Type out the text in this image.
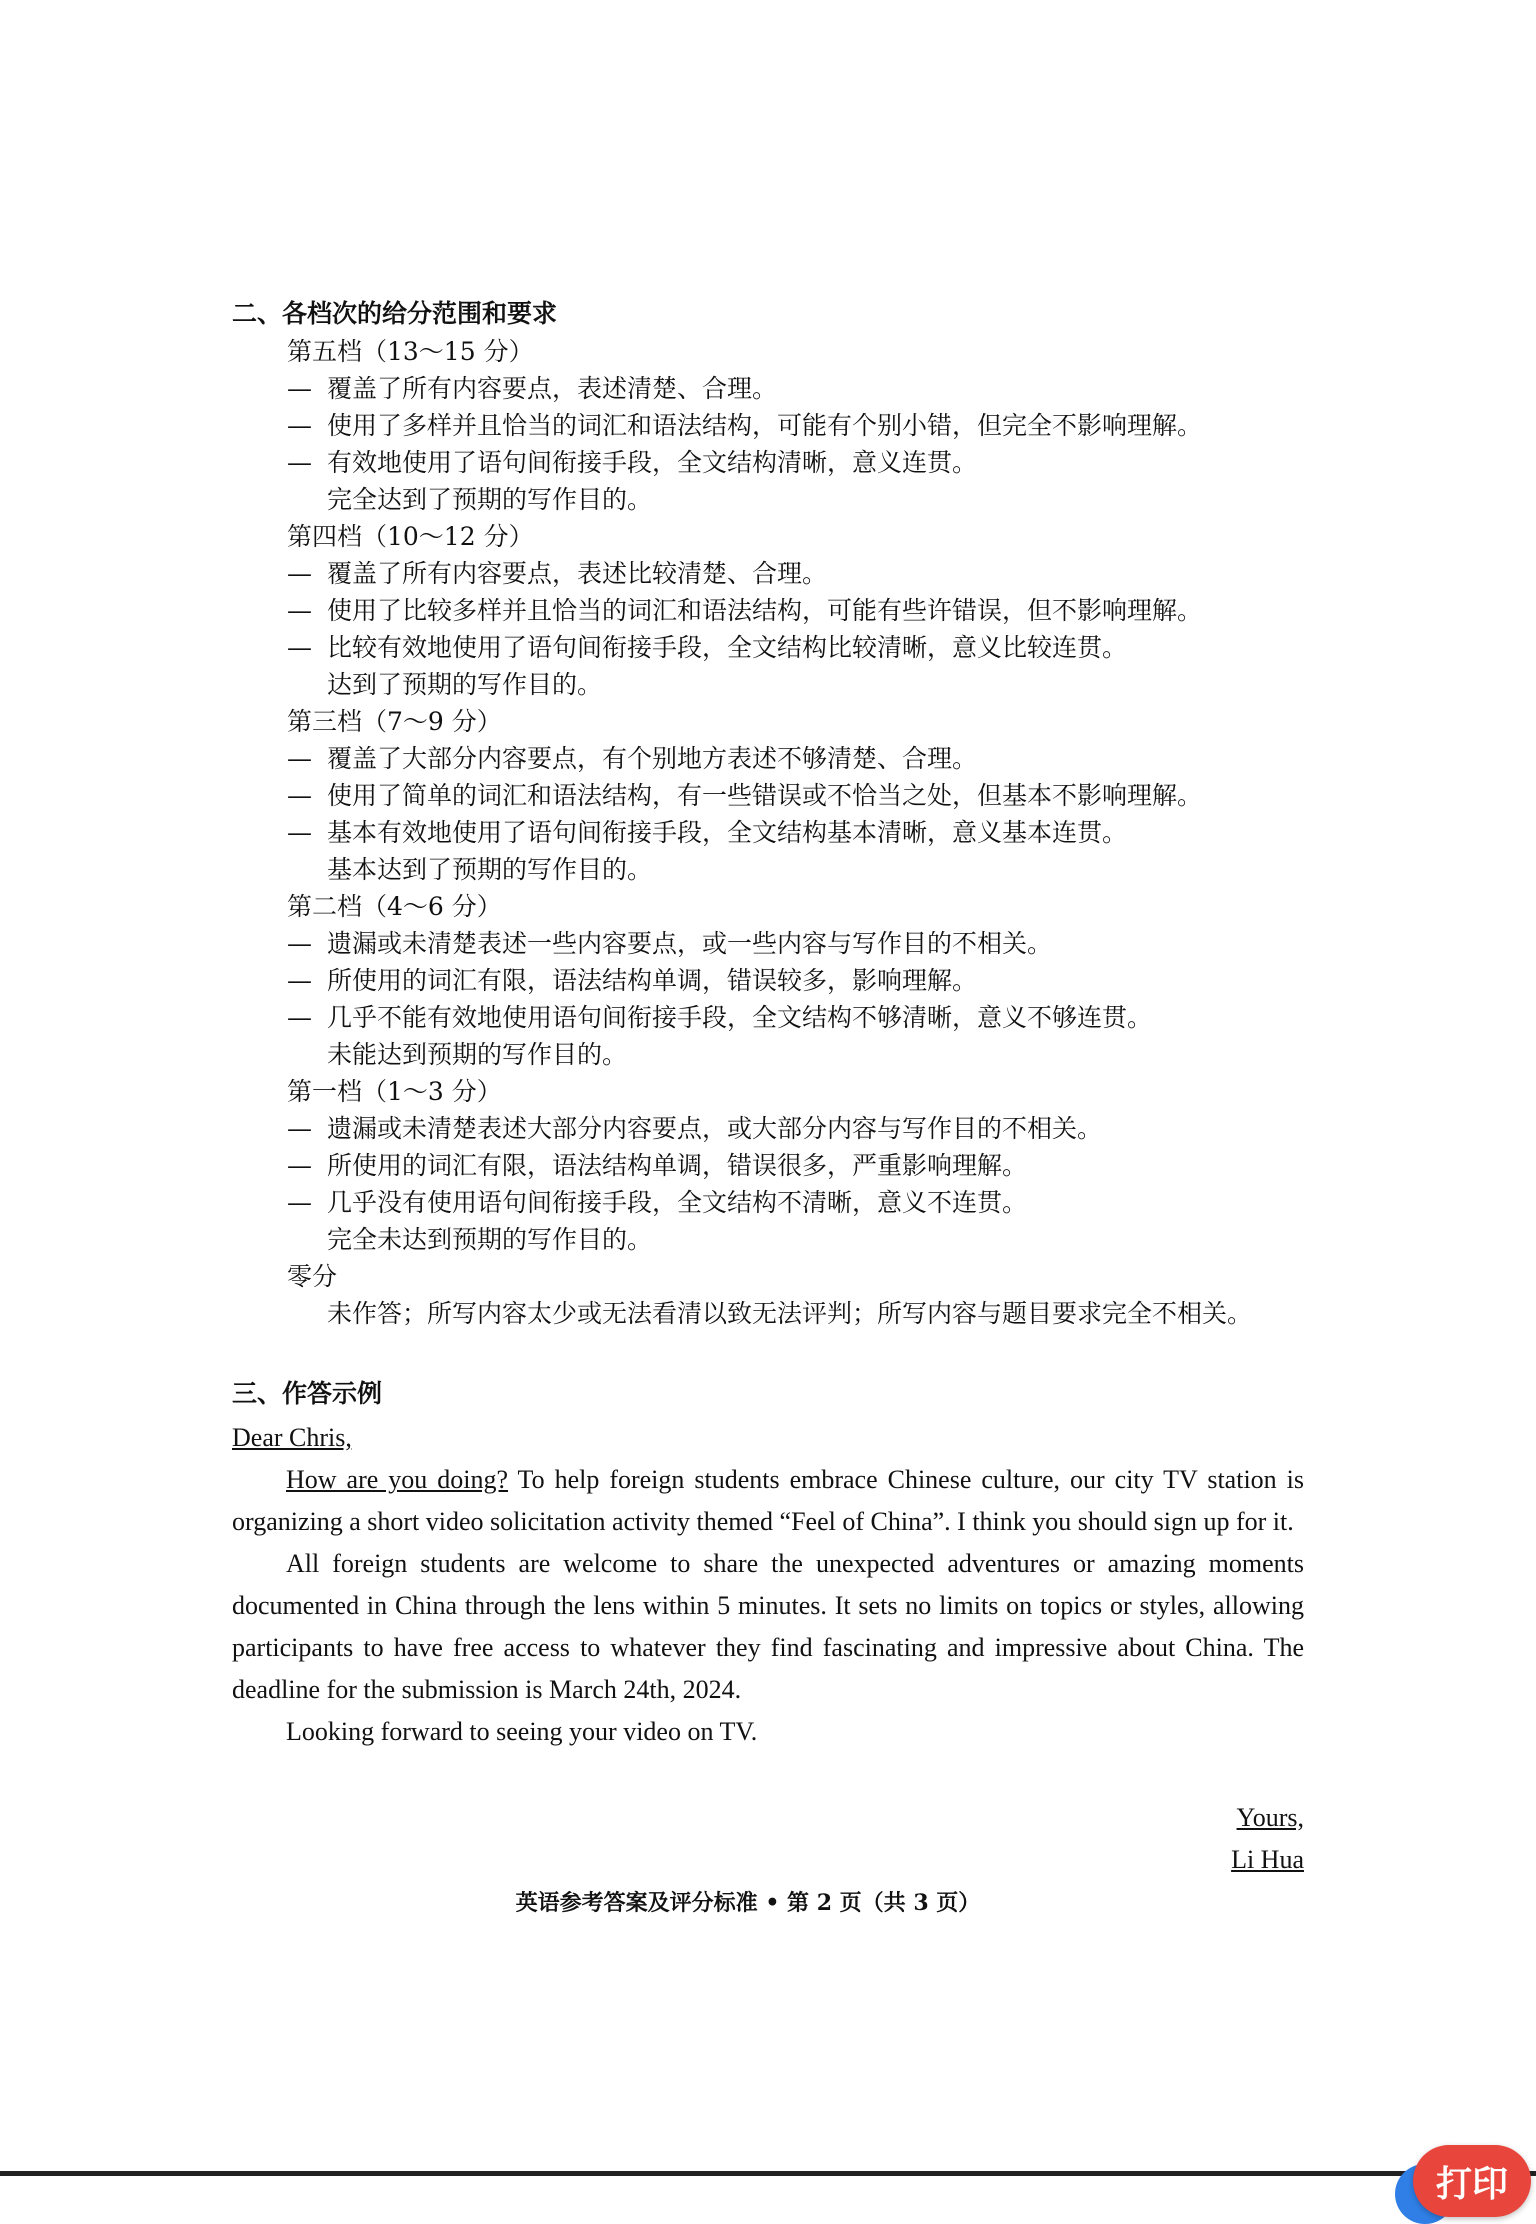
二、各档次的给分范围和要求
第五档（13～15 分）
— 覆盖了所有内容要点，表述清楚、合理。
— 使用了多样并且恰当的词汇和语法结构，可能有个别小错，但完全不影响理解。
— 有效地使用了语句间衔接手段，全文结构清晰，意义连贯。
完全达到了预期的写作目的。
第四档（10～12 分）
— 覆盖了所有内容要点，表述比较清楚、合理。
— 使用了比较多样并且恰当的词汇和语法结构，可能有些许错误，但不影响理解。
— 比较有效地使用了语句间衔接手段，全文结构比较清晰，意义比较连贯。
达到了预期的写作目的。
第三档（7～9 分）
— 覆盖了大部分内容要点，有个别地方表述不够清楚、合理。
— 使用了简单的词汇和语法结构，有一些错误或不恰当之处，但基本不影响理解。
— 基本有效地使用了语句间衔接手段，全文结构基本清晰，意义基本连贯。
基本达到了预期的写作目的。
第二档（4～6 分）
— 遗漏或未清楚表述一些内容要点，或一些内容与写作目的不相关。
— 所使用的词汇有限，语法结构单调，错误较多，影响理解。
— 几乎不能有效地使用语句间衔接手段，全文结构不够清晰，意义不够连贯。
未能达到预期的写作目的。
第一档（1～3 分）
— 遗漏或未清楚表述大部分内容要点，或大部分内容与写作目的不相关。
— 所使用的词汇有限，语法结构单调，错误很多，严重影响理解。
— 几乎没有使用语句间衔接手段，全文结构不清晰，意义不连贯。
完全未达到预期的写作目的。
零分
未作答；所写内容太少或无法看清以致无法评判；所写内容与题目要求完全不相关。
三、作答示例

Dear Chris,

How are you doing? To help foreign students embrace Chinese culture, our city TV station is organizing a short video solicitation activity themed “Feel of China”. I think you should sign up for it.

All foreign students are welcome to share the unexpected adventures or amazing moments documented in China through the lens within 5 minutes. It sets no limits on topics or styles, allowing participants to have free access to whatever they find fascinating and impressive about China. The deadline for the submission is March 24th, 2024.

Looking forward to seeing your video on TV.

Yours,
Li Hua
英语参考答案及评分标准 • 第 2 页（共 3 页）
打印
